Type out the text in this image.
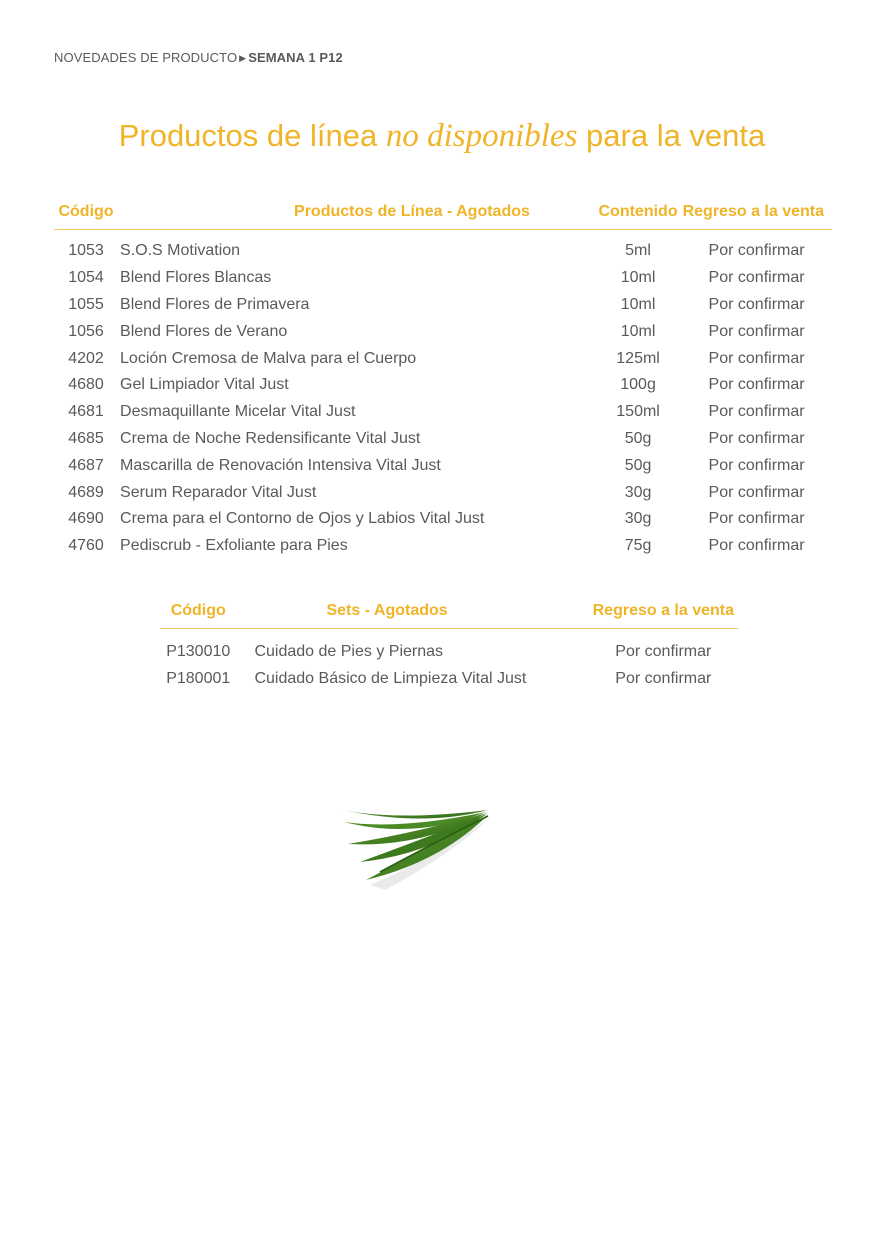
NOVEDADES DE PRODUCTO ▶ SEMANA 1 P12
Productos de línea no disponibles para la venta
Código	Productos de Línea - Agotados	Contenido	Regreso a la venta
1053	S.O.S Motivation	5ml	Por confirmar
1054	Blend Flores Blancas	10ml	Por confirmar
1055	Blend Flores de Primavera	10ml	Por confirmar
1056	Blend Flores de Verano	10ml	Por confirmar
4202	Loción Cremosa de Malva para el Cuerpo	125ml	Por confirmar
4680	Gel Limpiador Vital Just	100g	Por confirmar
4681	Desmaquillante Micelar Vital Just	150ml	Por confirmar
4685	Crema de Noche Redensificante Vital Just	50g	Por confirmar
4687	Mascarilla de Renovación Intensiva Vital Just	50g	Por confirmar
4689	Serum Reparador Vital Just	30g	Por confirmar
4690	Crema para el Contorno de Ojos y Labios Vital Just	30g	Por confirmar
4760	Pediscrub - Exfoliante para Pies	75g	Por confirmar
Código	Sets - Agotados	Regreso a la venta
P130010	Cuidado de Pies y Piernas	Por confirmar
P180001	Cuidado Básico de Limpieza Vital Just	Por confirmar
